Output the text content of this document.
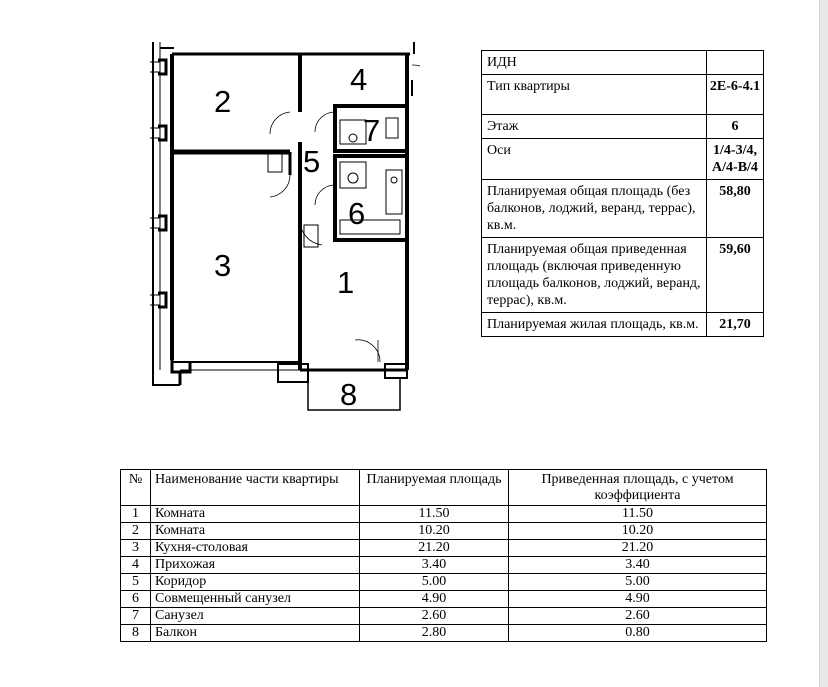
1
2
3
4
5
6
7
8
ИДН	
Тип квартиры	2Е-6-4.1
Этаж	6
Оси	1/4-3/4, А/4-В/4
Планируемая общая площадь (без балконов, лоджий, веранд, террас), кв.м.	58,80
Планируемая общая приведенная площадь (включая приведенную площадь балконов, лоджий, веранд, террас), кв.м.	59,60
Планируемая жилая площадь, кв.м.	21,70
№	Наименование части квартиры	Планируемая площадь	Приведенная площадь, с учетом коэффициента
1	Комната	11.50	11.50
2	Комната	10.20	10.20
3	Кухня-столовая	21.20	21.20
4	Прихожая	3.40	3.40
5	Коридор	5.00	5.00
6	Совмещенный санузел	4.90	4.90
7	Санузел	2.60	2.60
8	Балкон	2.80	0.80
